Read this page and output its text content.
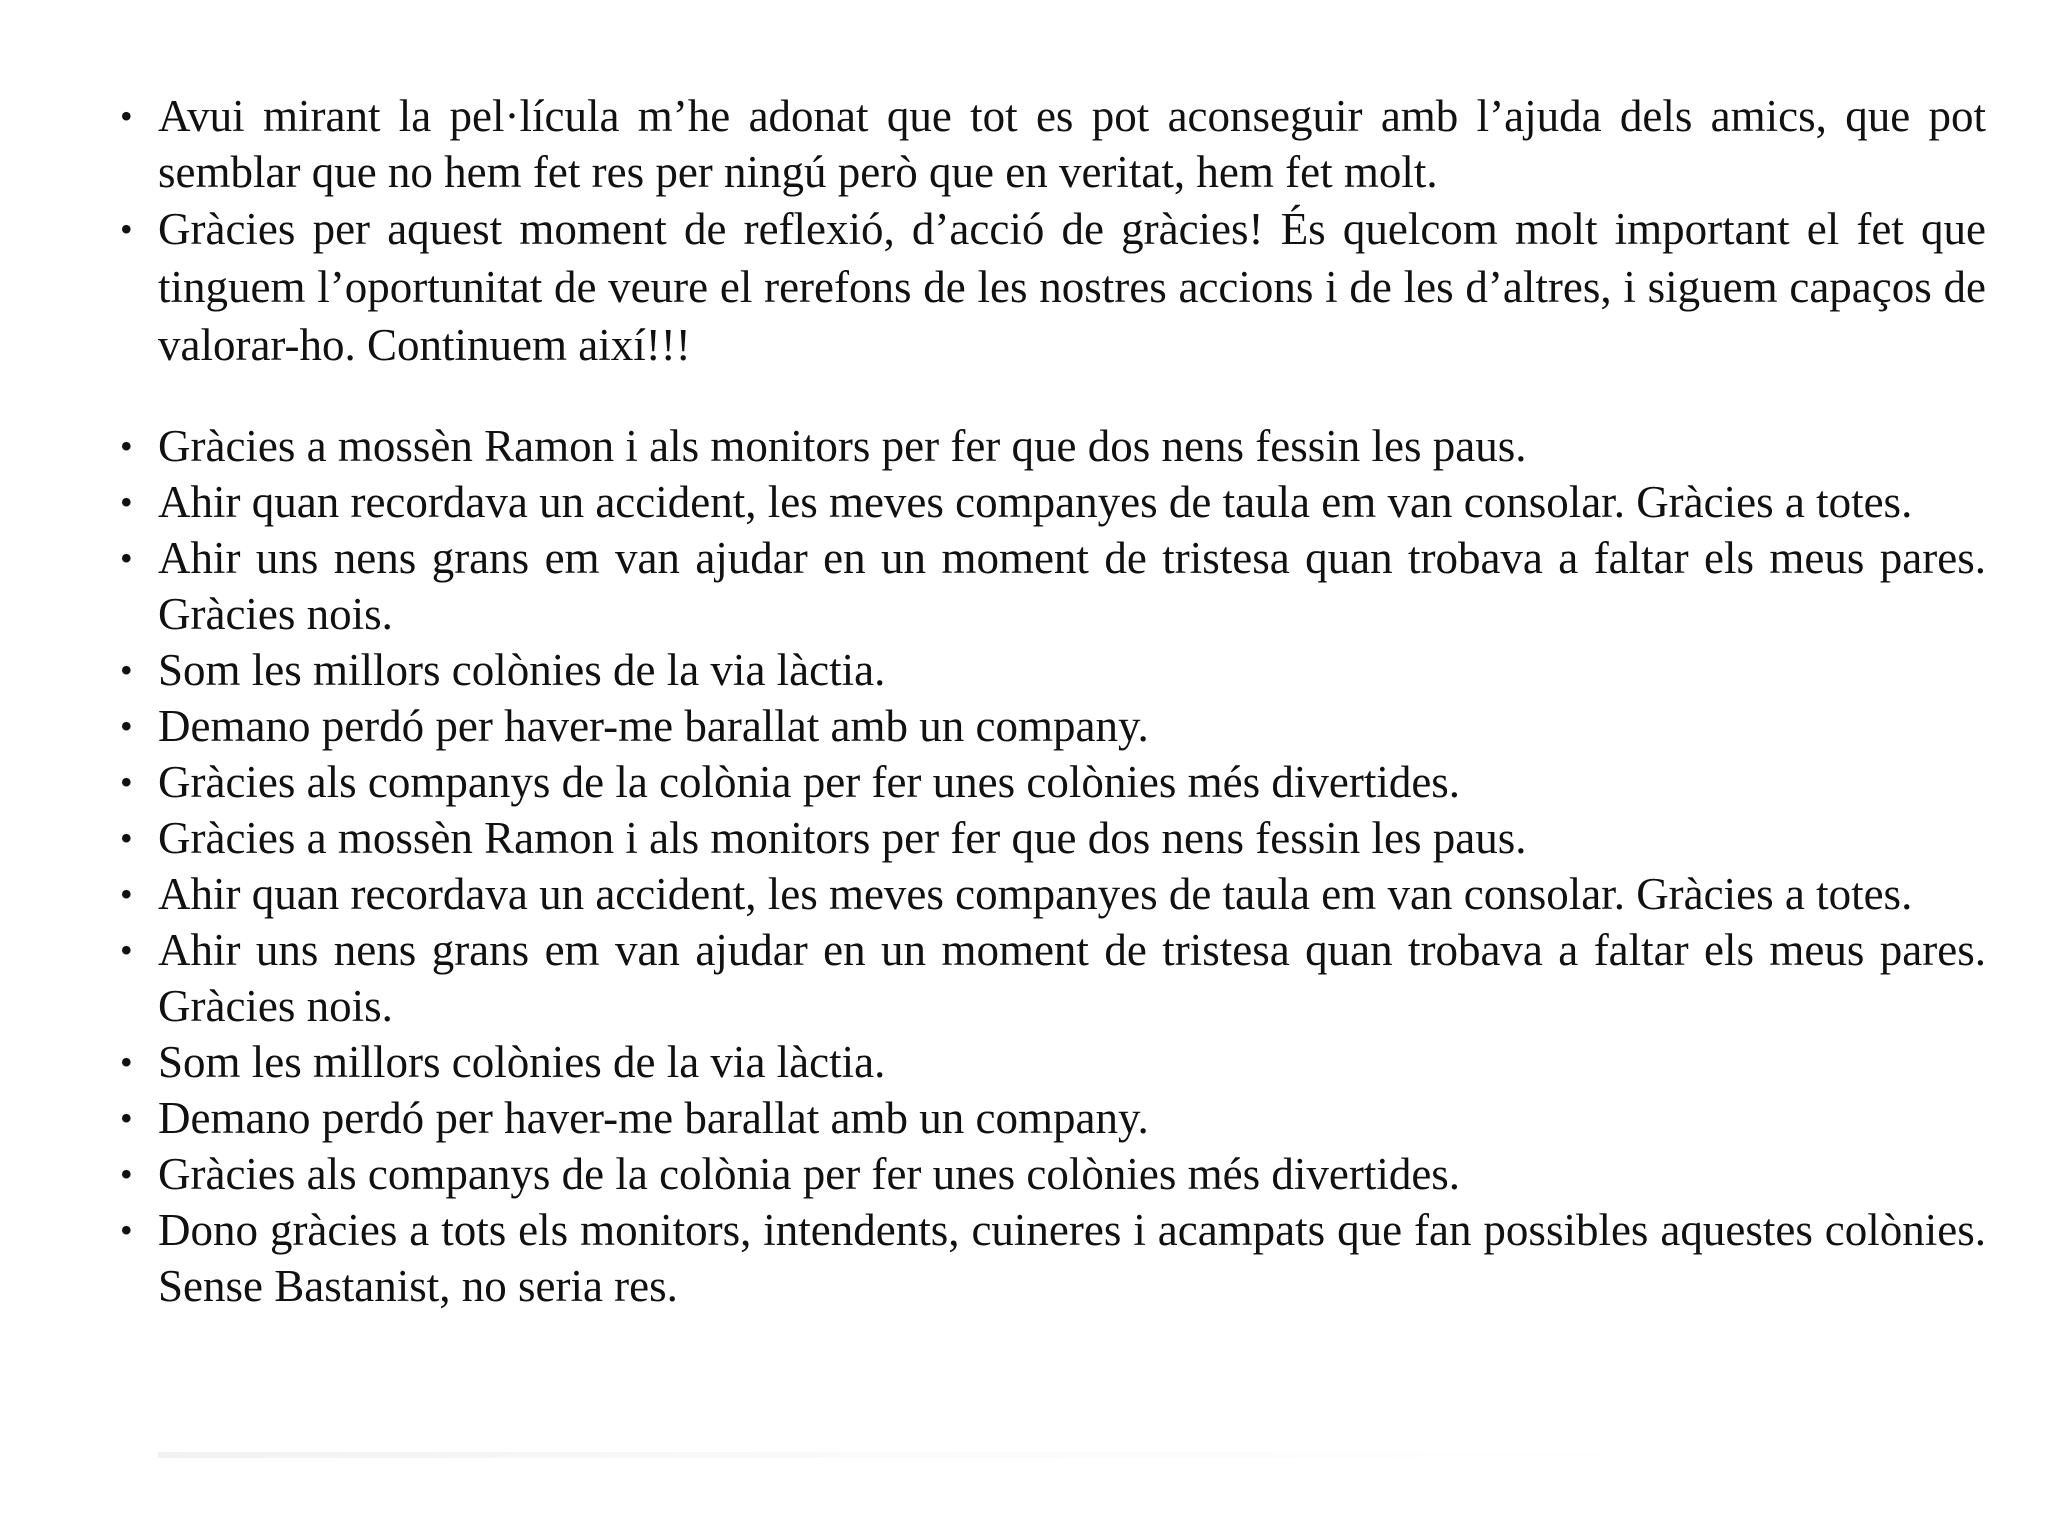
• Avui mirant la pel·lícula m’he adonat que tot es pot aconseguir amb l’ajuda dels amics, que pot semblar que no hem fet res per ningú però que en veritat, hem fet molt.
• Gràcies per aquest moment de reflexió, d’acció de gràcies! És quelcom molt important el fet que tinguem l’oportunitat de veure el rerefons de les nostres accions i de les d’altres, i siguem capaços de valorar-ho. Continuem així!!!
• Gràcies a mossèn Ramon i als monitors per fer que dos nens fessin les paus.
• Ahir quan recordava un accident, les meves companyes de taula em van consolar. Gràcies a totes.
• Ahir uns nens grans em van ajudar en un moment de tristesa quan trobava a faltar els meus pares. Gràcies nois.
• Som les millors colònies de la via làctia.
• Demano perdó per haver-me barallat amb un company.
• Gràcies als companys de la colònia per fer unes colònies més divertides.
• Gràcies a mossèn Ramon i als monitors per fer que dos nens fessin les paus.
• Ahir quan recordava un accident, les meves companyes de taula em van consolar. Gràcies a totes.
• Ahir uns nens grans em van ajudar en un moment de tristesa quan trobava a faltar els meus pares. Gràcies nois.
• Som les millors colònies de la via làctia.
• Demano perdó per haver-me barallat amb un company.
• Gràcies als companys de la colònia per fer unes colònies més divertides.
• Dono gràcies a tots els monitors, intendents, cuineres i acampats que fan possibles aquestes colònies. Sense Bastanist, no seria res.
